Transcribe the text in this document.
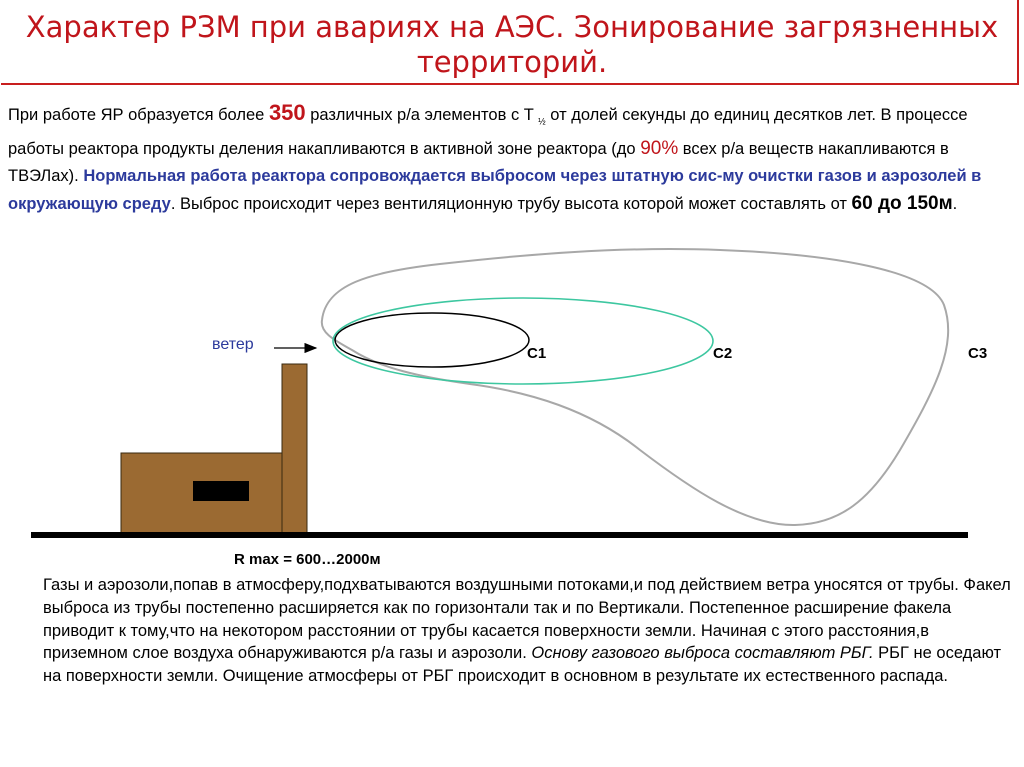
Характер РЗМ при авариях на АЭС. Зонирование загрязненных территорий.
При работе ЯР образуется более 350 различных р/а элементов с T $_{\frac{1}{2}}$ от долей секунды до единиц десятков лет. В процессе работы реактора продукты деления накапливаются в активной зоне реактора (до 90% всех р/а веществ накапливаются в ТВЭЛах). Нормальная работа реактора сопровождается выбросом через штатную сис-му очистки газов и аэрозолей в окружающую среду. Выброс происходит через вентиляционную трубу высота которой может составлять от 60 до 150м.
ветер
С1	С2	С3
R max = 600…2000м
Газы и аэрозоли,попав в атмосферу,подхватываются воздушными потоками,и под действием ветра уносятся от трубы. Факел выброса из трубы постепенно расширяется как по горизонтали так и по Вертикали. Постепенное расширение факела приводит к тому,что на некотором расстоянии от трубы касается поверхности земли. Начиная с этого расстояния,в приземном слое воздуха обнаруживаются р/а газы и аэрозоли. Основу газового выброса составляют РБГ. РБГ не оседают на поверхности земли. Очищение атмосферы от РБГ происходит в основном в результате их естественного распада.
